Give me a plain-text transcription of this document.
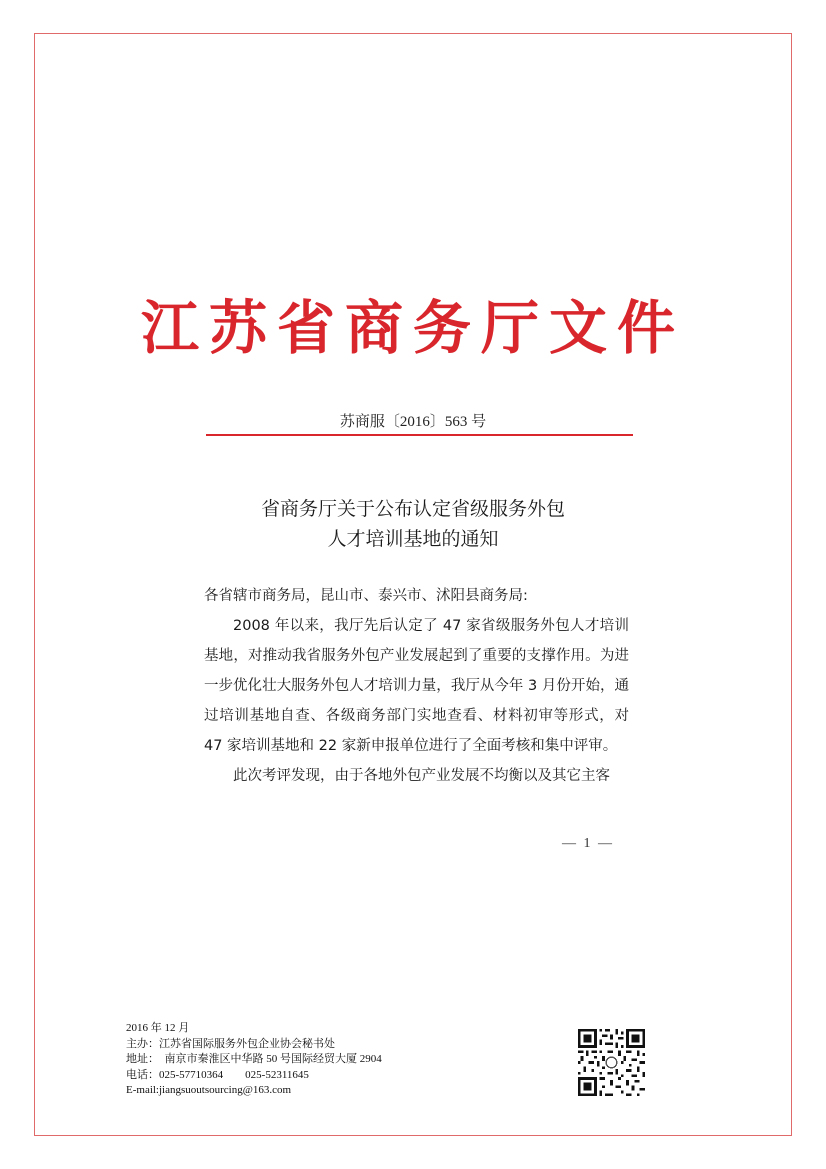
江苏省商务厅文件
苏商服〔2016〕563 号
省商务厅关于公布认定省级服务外包
人才培训基地的通知
各省辖市商务局，昆山市、泰兴市、沭阳县商务局:

2008 年以来，我厅先后认定了 47 家省级服务外包人才培训基地，对推动我省服务外包产业发展起到了重要的支撑作用。为进一步优化壮大服务外包人才培训力量，我厅从今年 3 月份开始，通过培训基地自查、各级商务部门实地查看、材料初审等形式，对 47 家培训基地和 22 家新申报单位进行了全面考核和集中评审。

此次考评发现，由于各地外包产业发展不均衡以及其它主客

— 1 —
2016 年 12 月
主办：江苏省国际服务外包企业协会秘书处
地址：  南京市秦淮区中华路 50 号国际经贸大厦 2904
电话：025-57710364        025-52311645
E-mail:jiangsuoutsourcing@163.com
